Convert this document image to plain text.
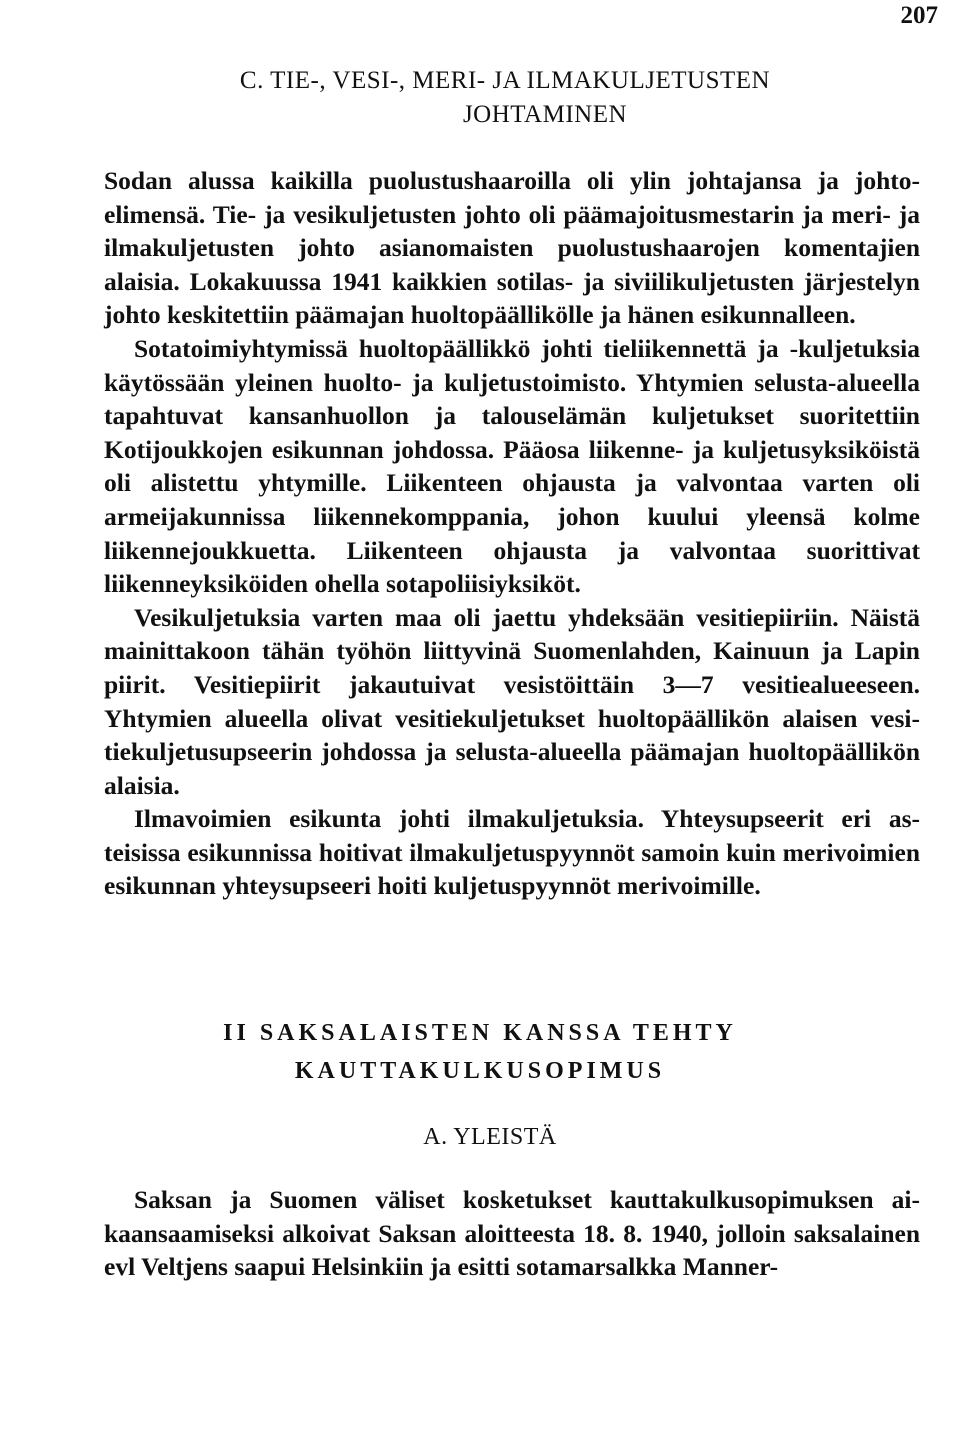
207
C. TIE-, VESI-, MERI- JA ILMAKULJETUSTEN
JOHTAMINEN

Sodan alussa kaikilla puolustushaaroilla oli ylin johtajansa ja johtoelimensä. Tie- ja vesikuljetusten johto oli päämajoitusmestarin ja meri- ja ilmakuljetusten johto asianomaisten puolustushaarojen komentajien alaisia. Lokakuussa 1941 kaikkien sotilas- ja siviilikuljetusten järjestelyn johto keskitettiin päämajan huoltopäällikölle ja hänen esikunnalleen.

Sotatoimiyhtymissä huoltopäällikkö johti tieliikennettä ja -kuljetuksia käytössään yleinen huolto- ja kuljetustoimisto. Yhtymien selusta-alueella tapahtuvat kansanhuollon ja talouselämän kuljetukset suoritettiin Kotijoukkojen esikunnan johdossa. Pääosa liikenne- ja kuljetusyksiköistä oli alistettu yhtymille. Liikenteen ohjausta ja valvontaa varten oli armeijakunnissa liikennekomppania, johon kuului yleensä kolme liikennejoukkuetta. Liikenteen ohjausta ja valvontaa suorittivat liikenneyksiköiden ohella sotapoliisiyksiköt.

Vesikuljetuksia varten maa oli jaettu yhdeksään vesitiepiiriin. Näistä mainittakoon tähän työhön liittyvinä Suomenlahden, Kainuun ja Lapin piirit. Vesitiepiirit jakautuivat vesistöittäin 3—7 vesitiealueeseen. Yhtymien alueella olivat vesitiekuljetukset huoltopäällikön alaisen vesitiekuljetusupseerin johdossa ja selusta-alueella päämajan huoltopäällikön alaisia.

Ilmavoimien esikunta johti ilmakuljetuksia. Yhteysupseerit eri asteisissa esikunnissa hoitivat ilmakuljetuspyynnöt samoin kuin merivoimien esikunnan yhteysupseeri hoiti kuljetuspyynnöt merivoimille.

II SAKSALAISTEN KANSSA TEHTY
KAUTTAKULKUSOPIMUS
A. YLEISTÄ

Saksan ja Suomen väliset kosketukset kauttakulkusopimuksen aikaansaamiseksi alkoivat Saksan aloitteesta 18. 8. 1940, jolloin saksalainen evl Veltjens saapui Helsinkiin ja esitti sotamarsalkka Manner-
